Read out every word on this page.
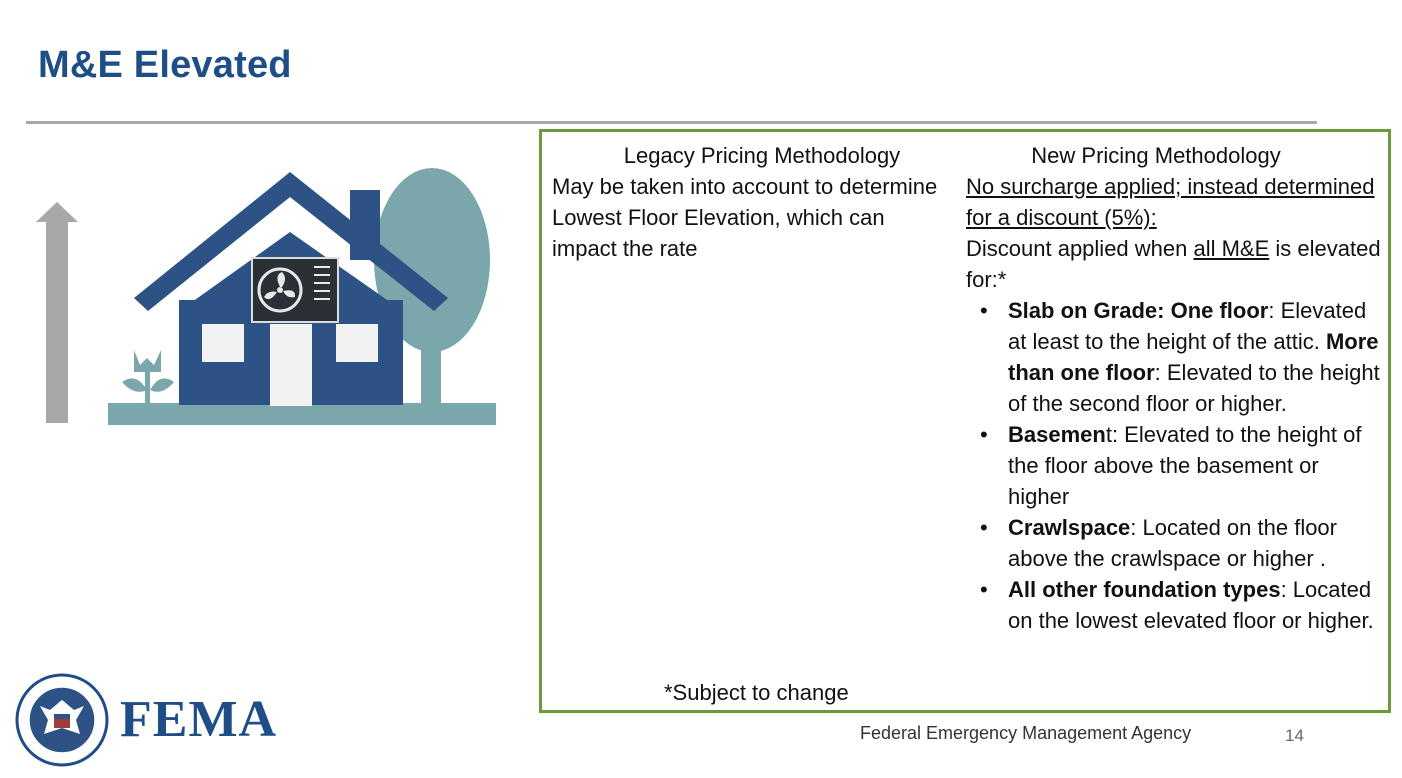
M&E Elevated
Legacy Pricing Methodology
May be taken into account to determine Lowest Floor Elevation, which can impact the rate
New Pricing Methodology
No surcharge applied; instead determined for a discount (5%):
Discount applied when all M&E is elevated for:*
• Slab on Grade: One floor: Elevated at least to the height of the attic. More than one floor: Elevated to the height of the second floor or higher.
• Basement: Elevated to the height of the floor above the basement or higher
• Crawlspace: Located on the floor above the crawlspace or higher .
• All other foundation types: Located on the lowest elevated floor or higher.
*Subject to change
FEMA	Federal Emergency Management Agency	14
